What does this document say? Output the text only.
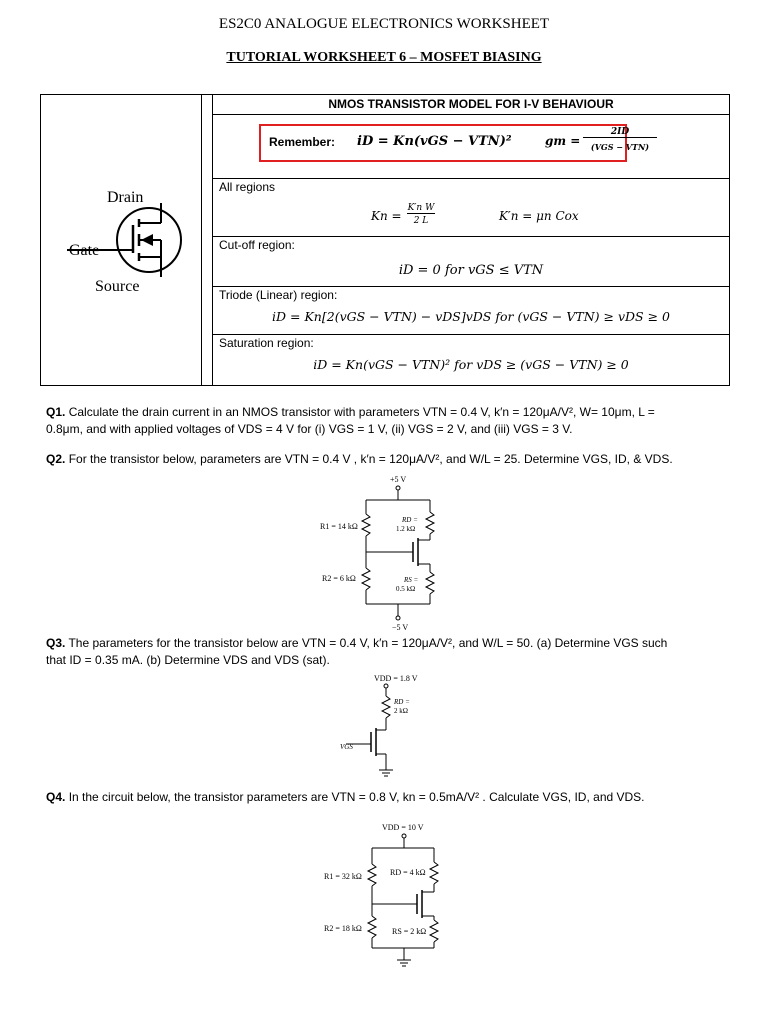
ES2C0 ANALOGUE ELECTRONICS WORKSHEET
TUTORIAL WORKSHEET 6 – MOSFET BIASING
Drain
Gate
Source
NMOS TRANSISTOR MODEL FOR I-V BEHAVIOUR
Remember: iD = Kn(vGS − VTN)²	gm =
2ID
(VGS − VTN)
All regions
Kn =
K′n W
2 L	K′n = μn Cox
Cut-off region:
iD = 0 for vGS ≤ VTN
Triode (Linear) region:
iD = Kn[2(vGS − VTN) − vDS]vDS for (vGS − VTN) ≥ vDS ≥ 0
Saturation region:
iD = Kn(vGS − VTN)² for vDS ≥ (vGS − VTN) ≥ 0
Q1. Calculate the drain current in an NMOS transistor with parameters VTN = 0.4 V, k′n = 120μA/V², W= 10μm, L =
0.8μm, and with applied voltages of VDS = 4 V for (i) VGS = 1 V, (ii) VGS = 2 V, and (iii) VGS = 3 V.
Q2. For the transistor below, parameters are VTN = 0.4 V , k′n = 120μA/V², and W/L = 25. Determine VGS, ID, & VDS.
+5 V
R1 = 14 kΩ
R2 = 6 kΩ
RD =
1.2 kΩ
RS =
0.5 kΩ
−5 V
Q3. The parameters for the transistor below are VTN = 0.4 V, k′n = 120μA/V², and W/L = 50. (a) Determine VGS such
that ID = 0.35 mA. (b) Determine VDS and VDS (sat).
VDD = 1.8 V
RD =
2 kΩ
VGS
Q4. In the circuit below, the transistor parameters are VTN = 0.8 V, kn = 0.5mA/V² . Calculate VGS, ID, and VDS.
VDD = 10 V
R1 = 32 kΩ
R2 = 18 kΩ
RD = 4 kΩ
RS = 2 kΩ
